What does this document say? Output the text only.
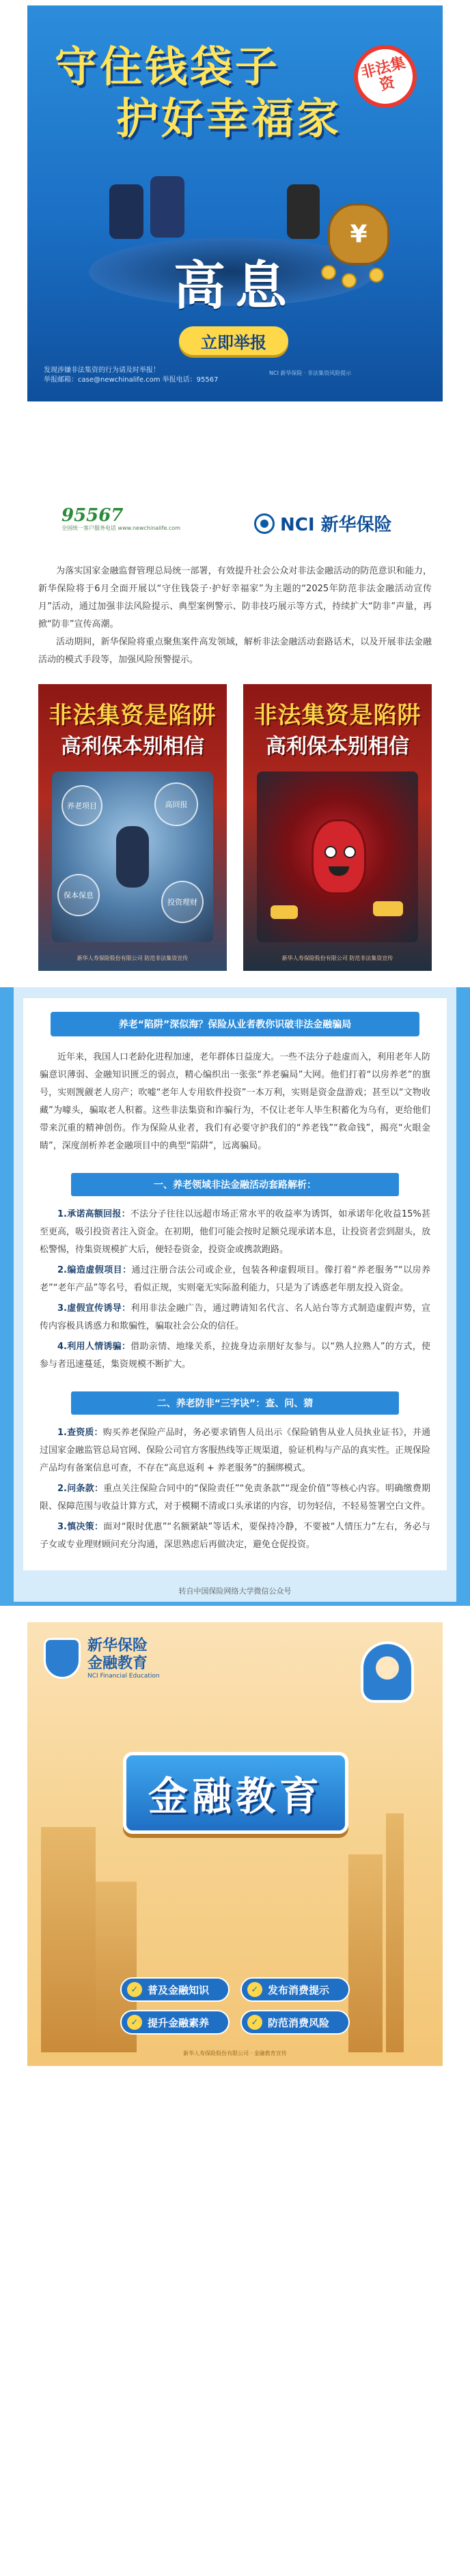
守住钱袋子
护好幸福家
非法集资
¥
高息
立即举报
发现涉嫌非法集资的行为请及时举报！
举报邮箱：case@newchinalife.com 举报电话：95567
NCI 新华保险 · 非法集资风险提示
95567
全国统一客户服务电话 www.newchinalife.com	NCI 新华保险

为落实国家金融监督管理总局统一部署，有效提升社会公众对非法金融活动的防范意识和能力，新华保险将于6月全面开展以“守住钱袋子·护好幸福家”为主题的“2025年防范非法金融活动宣传月”活动，通过加强非法风险提示、典型案例警示、防非技巧展示等方式，持续扩大“防非”声量，再掀“防非”宣传高潮。

活动期间，新华保险将重点聚焦案件高发领域，解析非法金融活动套路话术，以及开展非法金融活动的模式手段等，加强风险预警提示。

非法集资是陷阱
高利保本别相信
养老项目	高回报
保本保息
投资理财
新华人寿保险股份有限公司 防范非法集资宣传
非法集资是陷阱
高利保本别相信
新华人寿保险股份有限公司 防范非法集资宣传
养老“陷阱”深似海？保险从业者教你识破非法金融骗局
近年来，我国人口老龄化进程加速，老年群体日益庞大。一些不法分子趁虚而入，利用老年人防骗意识薄弱、金融知识匮乏的弱点，精心编织出一张张“养老骗局”大网。他们打着“以房养老”的旗号，实则觊觎老人房产；吹嘘“老年人专用软件投资”一本万利，实则是资金盘游戏；甚至以“文物收藏”为噱头，骗取老人积蓄。这些非法集资和诈骗行为，不仅让老年人毕生积蓄化为乌有，更给他们带来沉重的精神创伤。作为保险从业者，我们有必要守护我们的“养老钱”“救命钱”，揭亮“火眼金睛”，深度剖析养老金融项目中的典型“陷阱”，远离骗局。
一、养老领域非法金融活动套路解析：
1.承诺高额回报：不法分子往往以远超市场正常水平的收益率为诱饵，如承诺年化收益15%甚至更高，吸引投资者注入资金。在初期，他们可能会按时足额兑现承诺本息，让投资者尝到甜头，放松警惕，待集资规模扩大后，便轻卷资金，投资金或携款跑路。
2.编造虚假项目：通过注册合法公司或企业，包装各种虚假项目。像打着“养老服务”“以房养老”“老年产品”等名号，看似正规，实则毫无实际盈利能力，只是为了诱惑老年朋友投入资金。
3.虚假宣传诱导：利用非法金融广告，通过聘请知名代言、名人站台等方式制造虚假声势，宣传内容极具诱惑力和欺骗性，骗取社会公众的信任。
4.利用人情诱骗：借助亲情、地缘关系，拉拢身边亲朋好友参与。以“熟人拉熟人”的方式，使参与者迅速蔓延，集资规模不断扩大。
二、养老防非“三字诀”：查、问、猜
1.查资质：购买养老保险产品时，务必要求销售人员出示《保险销售从业人员执业证书》，并通过国家金融监管总局官网、保险公司官方客服热线等正规渠道，验证机构与产品的真实性。正规保险产品均有备案信息可查，不存在“高息返利 + 养老服务”的捆绑模式。
2.问条款：重点关注保险合同中的“保险责任”“免责条款”“现金价值”等核心内容。明确缴费期限、保障范围与收益计算方式，对于模糊不清或口头承诺的内容，切勿轻信，不轻易签署空白文件。
3.慎决策：面对“限时优惠”“名额紧缺”等话术，要保持冷静，不要被“人情压力”左右，务必与子女或专业理财顾问充分沟通，深思熟虑后再做决定，避免仓促投资。
转自中国保险网络大学微信公众号
新华保险
金融教育
NCI Financial Education
金融教育
✓ 普及金融知识	✓ 发布消费提示
✓ 提升金融素养	✓ 防范消费风险
新华人寿保险股份有限公司 · 金融教育宣传
